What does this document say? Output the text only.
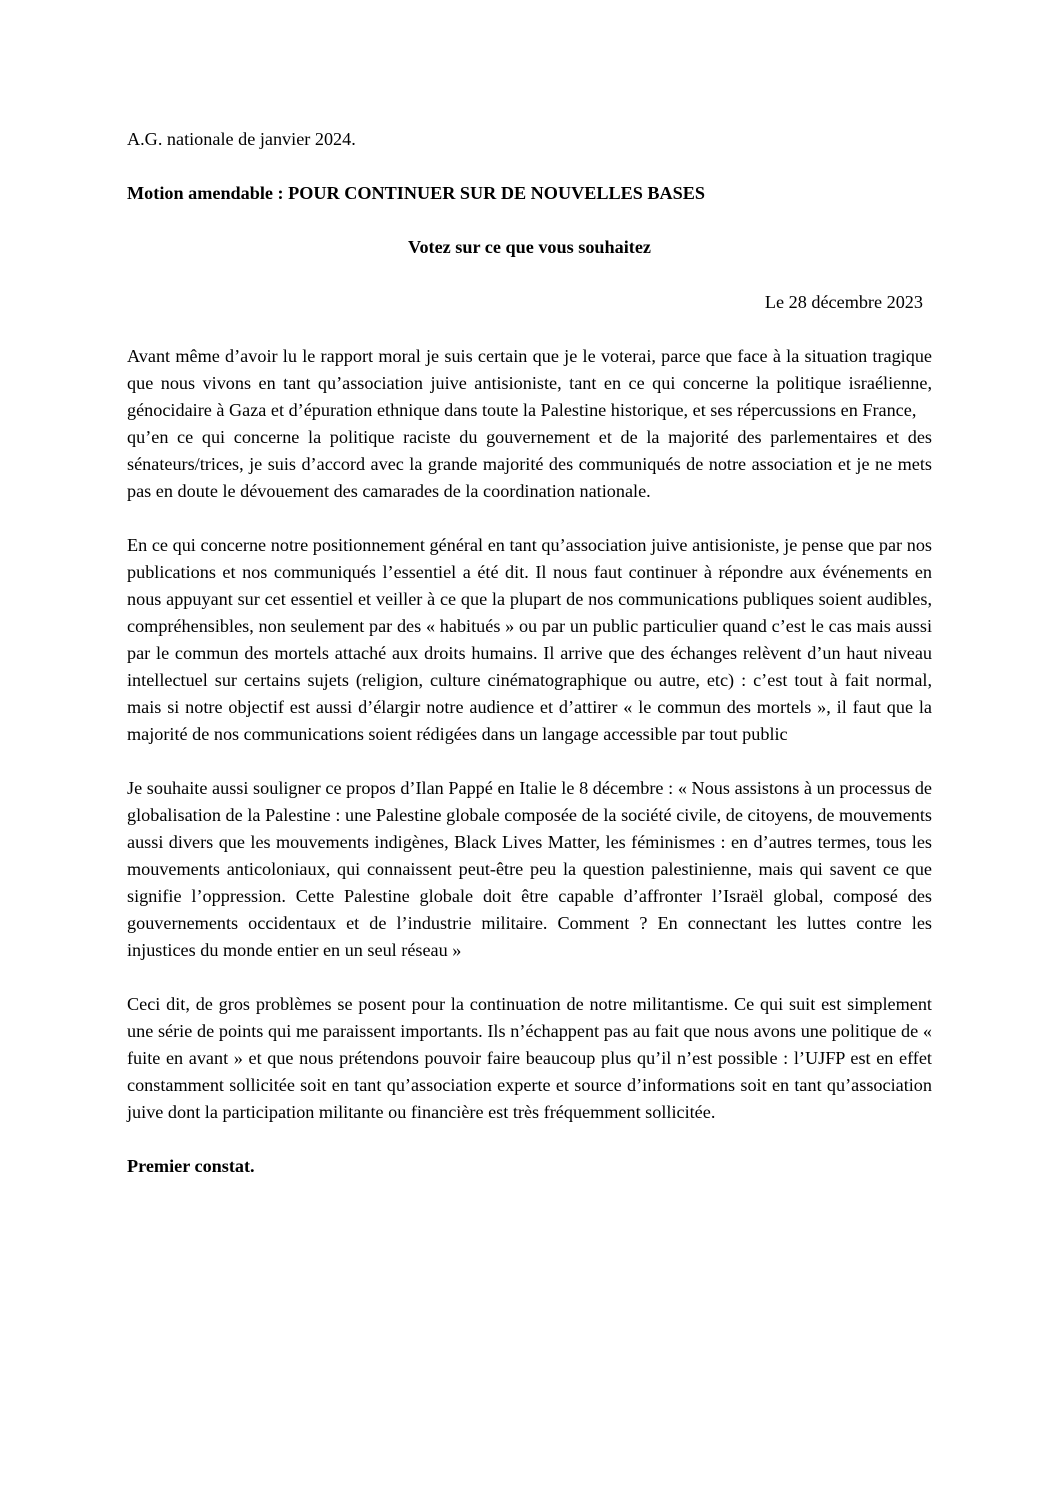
A.G. nationale de janvier 2024.

Motion amendable : POUR CONTINUER SUR DE NOUVELLES BASES

Votez sur ce que vous souhaitez

Le 28 décembre 2023

Avant même d’avoir lu le rapport moral je suis certain que je le voterai, parce que face à la situation tragique que nous vivons en tant qu’association juive antisioniste, tant en ce qui concerne la politique israélienne, génocidaire à Gaza et d’épuration ethnique dans toute la Palestine historique, et ses répercussions en France,
qu’en ce qui concerne la politique raciste du gouvernement et de la majorité des parlementaires et des sénateurs/trices, je suis d’accord avec la grande majorité des communiqués de notre association et je ne mets pas en doute le dévouement des camarades de la coordination nationale.

En ce qui concerne notre positionnement général en tant qu’association juive antisioniste, je pense que par nos publications et nos communiqués l’essentiel a été dit. Il nous faut continuer à répondre aux événements en nous appuyant sur cet essentiel et veiller à ce que la plupart de nos communications publiques soient audibles, compréhensibles, non seulement par des « habitués » ou par un public particulier quand c’est le cas mais aussi par le commun des mortels attaché aux droits humains. Il arrive que des échanges relèvent d’un haut niveau intellectuel sur certains sujets (religion, culture cinématographique ou autre, etc) : c’est tout à fait normal, mais si notre objectif est aussi d’élargir notre audience et d’attirer « le commun des mortels », il faut que la majorité de nos communications soient rédigées dans un langage accessible par tout public

Je souhaite aussi souligner ce propos d’Ilan Pappé en Italie le 8 décembre : « Nous assistons à un processus de globalisation de la Palestine : une Palestine globale composée de la société civile, de citoyens, de mouvements aussi divers que les mouvements indigènes, Black Lives Matter, les féminismes : en d’autres termes, tous les mouvements anticoloniaux, qui connaissent peut-être peu la question palestinienne, mais qui savent ce que signifie l’oppression. Cette Palestine globale doit être capable d’affronter l’Israël global, composé des gouvernements occidentaux et de l’industrie militaire. Comment ? En connectant les luttes contre les injustices du monde entier en un seul réseau »

Ceci dit, de gros problèmes se posent pour la continuation de notre militantisme. Ce qui suit est simplement une série de points qui me paraissent importants. Ils n’échappent pas au fait que nous avons une politique de « fuite en avant » et que nous prétendons pouvoir faire beaucoup plus qu’il n’est possible : l’UJFP est en effet constamment sollicitée soit en tant qu’association experte et source d’informations soit en tant qu’association juive dont la participation militante ou financière est très fréquemment sollicitée.

Premier constat.
